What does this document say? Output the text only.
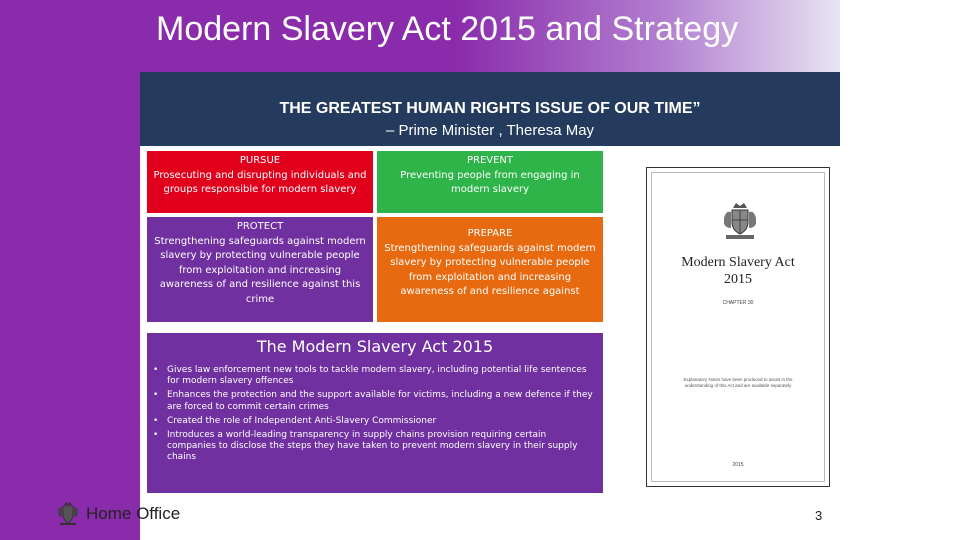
Modern Slavery Act 2015 and Strategy
THE GREATEST HUMAN RIGHTS ISSUE OF OUR TIME”
– Prime Minister , Theresa May
PURSUE
Prosecuting and disrupting individuals and groups responsible for modern slavery
PREVENT
Preventing people from engaging in modern slavery
PROTECT
Strengthening safeguards against modern slavery by protecting vulnerable people from exploitation and increasing awareness of and resilience against this crime
PREPARE
Strengthening safeguards against modern slavery by protecting vulnerable people from exploitation and increasing awareness of and resilience against
The Modern Slavery Act 2015
• Gives law enforcement new tools to tackle modern slavery, including potential life sentences for modern slavery offences
• Enhances the protection and the support available for victims, including a new defence if they are forced to commit certain crimes
• Created the role of Independent Anti-Slavery Commissioner
• Introduces a world-leading transparency in supply chains provision requiring certain companies to disclose the steps they have taken to prevent modern slavery in their supply chains
Modern Slavery Act
2015
CHAPTER 30
Explanatory Notes have been produced to assist in the understanding of this Act and are available separately
2015
Home Office	3
